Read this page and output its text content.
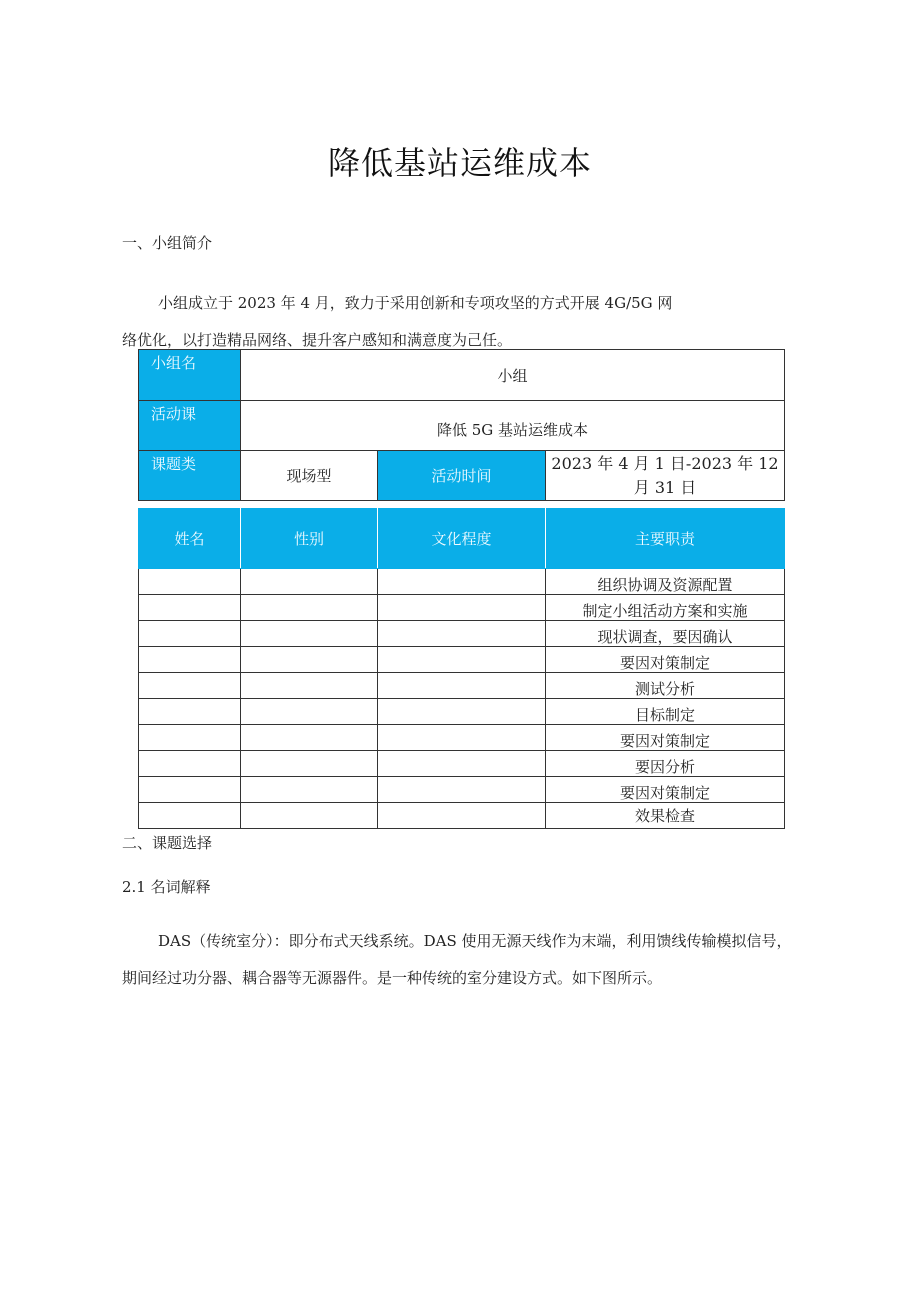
降低基站运维成本
一、小组简介
小组成立于 2023 年 4 月，致力于采用创新和专项攻坚的方式开展 4G/5G 网
络优化，以打造精品网络、提升客户感知和满意度为己任。
小组名	小组		
活动课	降低 5G 基站运维成本		
课题类	现场型	活动时间	2023 年 4 月 1 日-2023 年 12
月 31 日
姓名	性别	文化程度	主要职责
			组织协调及资源配置
			制定小组活动方案和实施
			现状调查，要因确认
			要因对策制定
			测试分析
			目标制定
			要因对策制定
			要因分析
			要因对策制定
			效果检查
二、课题选择
2.1 名词解释
DAS（传统室分）：即分布式天线系统。DAS 使用无源天线作为末端，利用馈线传输模拟信号，
期间经过功分器、耦合器等无源器件。是一种传统的室分建设方式。如下图所示。
